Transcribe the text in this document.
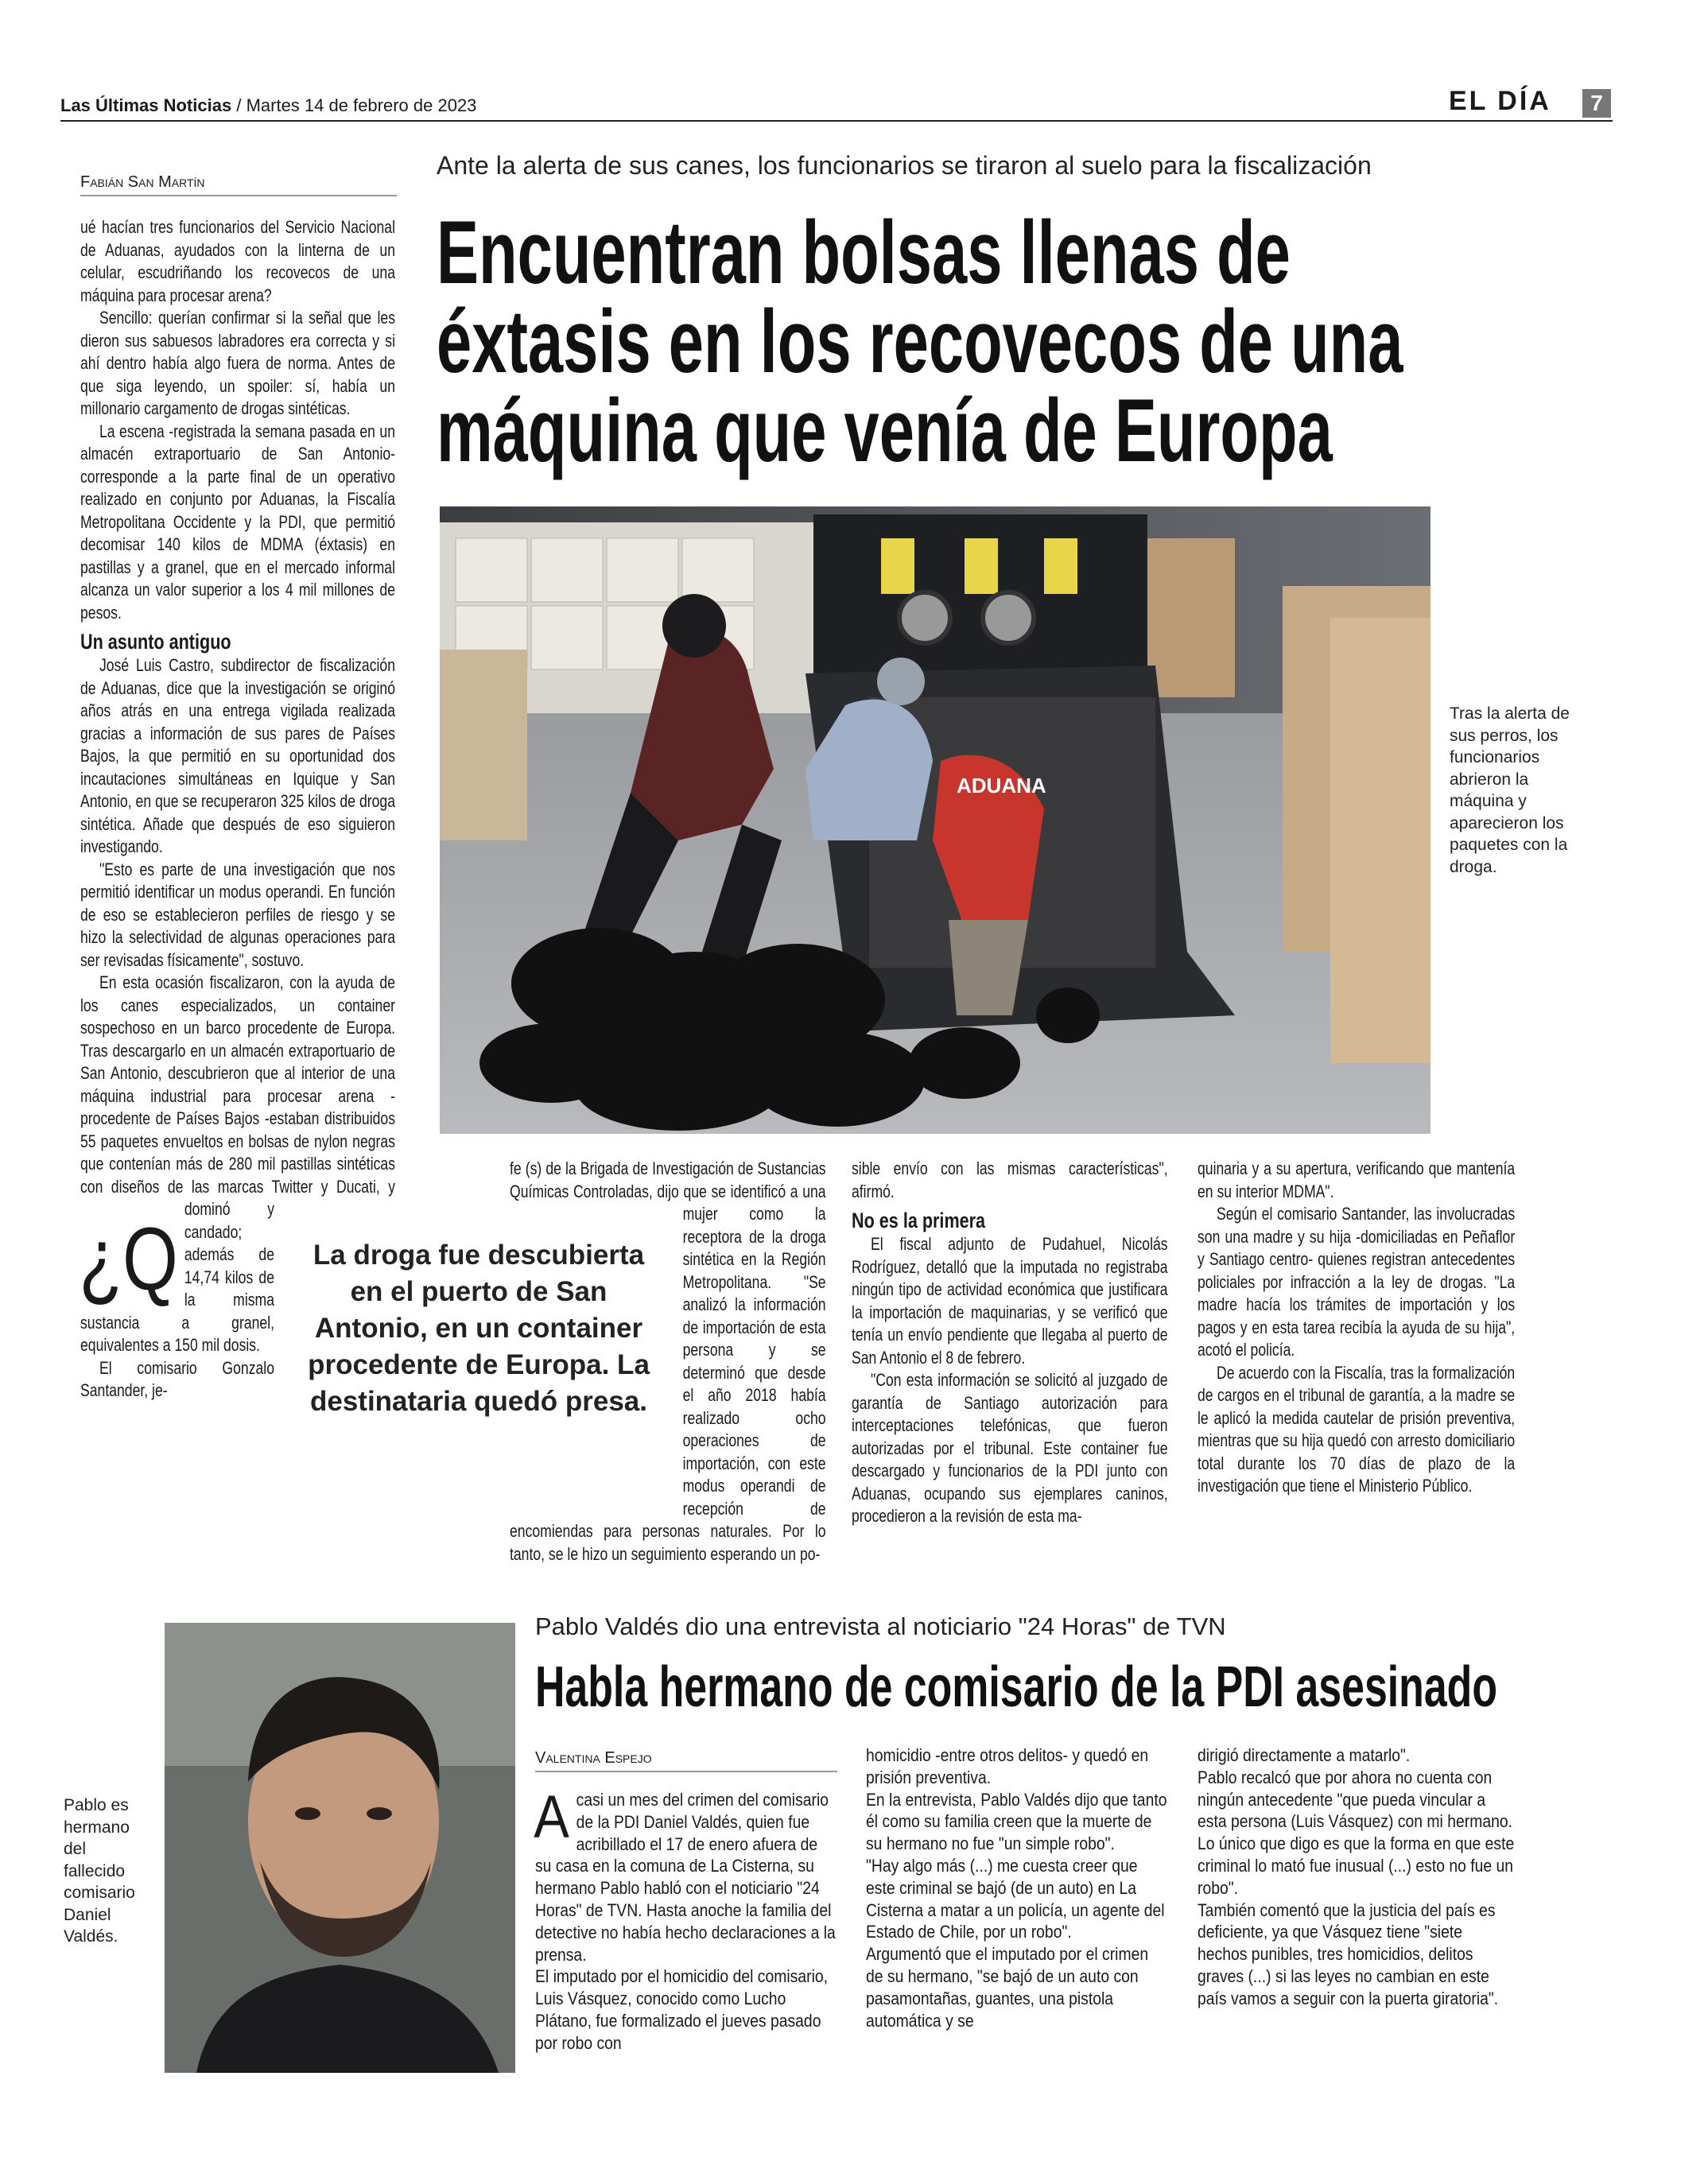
Las Últimas Noticias / Martes 14 de febrero de 2023	EL DÍA	7
Fabián San Martín
Ante la alerta de sus canes, los funcionarios se tiraron al suelo para la fiscalización
Encuentran bolsas llenas de
éxtasis en los recovecos de una
máquina que venía de Europa
ADUANA
Tras la alerta de sus perros, los funcionarios abrieron la máquina y aparecieron los paquetes con la droga.
¿Q

ué hacían tres funcionarios del Servicio Nacional de Aduanas, ayudados con la linterna de un celular, escudriñando los recovecos de una máquina para procesar arena?

Sencillo: querían confirmar si la señal que les dieron sus sabuesos labradores era correcta y si ahí dentro había algo fuera de norma. Antes de que siga leyendo, un spoiler: sí, había un millonario cargamento de drogas sintéticas.

La escena -registrada la semana pasada en un almacén extraportuario de San Antonio- corresponde a la parte final de un operativo realizado en conjunto por Aduanas, la Fiscalía Metropolitana Occidente y la PDI, que permitió decomisar 140 kilos de MDMA (éxtasis) en pastillas y a granel, que en el mercado informal alcanza un valor superior a los 4 mil millones de pesos.

Un asunto antiguo

José Luis Castro, subdirector de fiscalización de Aduanas, dice que la investigación se originó años atrás en una entrega vigilada realizada gracias a información de sus pares de Países Bajos, la que permitió en su oportunidad dos incautaciones simultáneas en Iquique y San Antonio, en que se recuperaron 325 kilos de droga sintética. Añade que después de eso siguieron investigando.

"Esto es parte de una investigación que nos permitió identificar un modus operandi. En función de eso se establecieron perfiles de riesgo y se hizo la selectividad de algunas operaciones para ser revisadas físicamente", sostuvo.

En esta ocasión fiscalizaron, con la ayuda de los canes especializados, un container sospechoso en un barco procedente de Europa. Tras descargarlo en un almacén extraportuario de San Antonio, descubrieron que al interior de una máquina industrial para procesar arena -procedente de Países Bajos -estaban distribuidos 55 paquetes envueltos en bolsas de nylon negras que contenían más de 280 mil pastillas sintéticas con diseños de las marcas Twitter y Ducati, y dominó y candado; además de 14,74 kilos de la misma sustancia a granel, equivalentes a 150 mil dosis.

El comisario Gonzalo Santander, je-

fe (s) de la Brigada de Investigación de Sustancias Químicas Controladas, dijo que se identificó a una mujer como la receptora de la droga sintética en la Región Metropolitana. "Se analizó la información de importación de esta persona y se determinó que desde el año 2018 había realizado ocho operaciones de importación, con este modus operandi de recepción de encomiendas para personas naturales. Por lo tanto, se le hizo un seguimiento esperando un po-

La droga fue descubierta en el puerto de San Antonio, en un container procedente de Europa. La destinataria quedó presa.

sible envío con las mismas características", afirmó.

No es la primera

El fiscal adjunto de Pudahuel, Nicolás Rodríguez, detalló que la imputada no registraba ningún tipo de actividad económica que justificara la importación de maquinarias, y se verificó que tenía un envío pendiente que llegaba al puerto de San Antonio el 8 de febrero.

"Con esta información se solicitó al juzgado de garantía de Santiago autorización para interceptaciones telefónicas, que fueron autorizadas por el tribunal. Este container fue descargado y funcionarios de la PDI junto con Aduanas, ocupando sus ejemplares caninos, procedieron a la revisión de esta ma-

quinaria y a su apertura, verificando que mantenía en su interior MDMA".

Según el comisario Santander, las involucradas son una madre y su hija -domiciliadas en Peñaflor y Santiago centro- quienes registran antecedentes policiales por infracción a la ley de drogas. "La madre hacía los trámites de importación y los pagos y en esta tarea recibía la ayuda de su hija", acotó el policía.

De acuerdo con la Fiscalía, tras la formalización de cargos en el tribunal de garantía, a la madre se le aplicó la medida cautelar de prisión preventiva, mientras que su hija quedó con arresto domiciliario total durante los 70 días de plazo de la investigación que tiene el Ministerio Público.

Pablo es hermano del fallecido comisario Daniel Valdés.
Pablo Valdés dio una entrevista al noticiario "24 Horas" de TVN
Habla hermano de comisario de la PDI asesinado
Valentina Espejo
A casi un mes del crimen del comisario de la PDI Daniel Valdés, quien fue acribillado el 17 de enero afuera de su casa en la comuna de La Cisterna, su hermano Pablo habló con el noticiario "24 Horas" de TVN. Hasta anoche la familia del detective no había hecho declaraciones a la prensa.

El imputado por el homicidio del comisario, Luis Vásquez, conocido como Lucho Plátano, fue formalizado el jueves pasado por robo con

homicidio -entre otros delitos- y quedó en prisión preventiva.

En la entrevista, Pablo Valdés dijo que tanto él como su familia creen que la muerte de su hermano no fue "un simple robo".

"Hay algo más (...) me cuesta creer que este criminal se bajó (de un auto) en La Cisterna a matar a un policía, un agente del Estado de Chile, por un robo".

Argumentó que el imputado por el crimen de su hermano, "se bajó de un auto con pasamontañas, guantes, una pistola automática y se

dirigió directamente a matarlo".

Pablo recalcó que por ahora no cuenta con ningún antecedente "que pueda vincular a esta persona (Luis Vásquez) con mi hermano. Lo único que digo es que la forma en que este criminal lo mató fue inusual (...) esto no fue un robo".

También comentó que la justicia del país es deficiente, ya que Vásquez tiene "siete hechos punibles, tres homicidios, delitos graves (...) si las leyes no cambian en este país vamos a seguir con la puerta giratoria".
